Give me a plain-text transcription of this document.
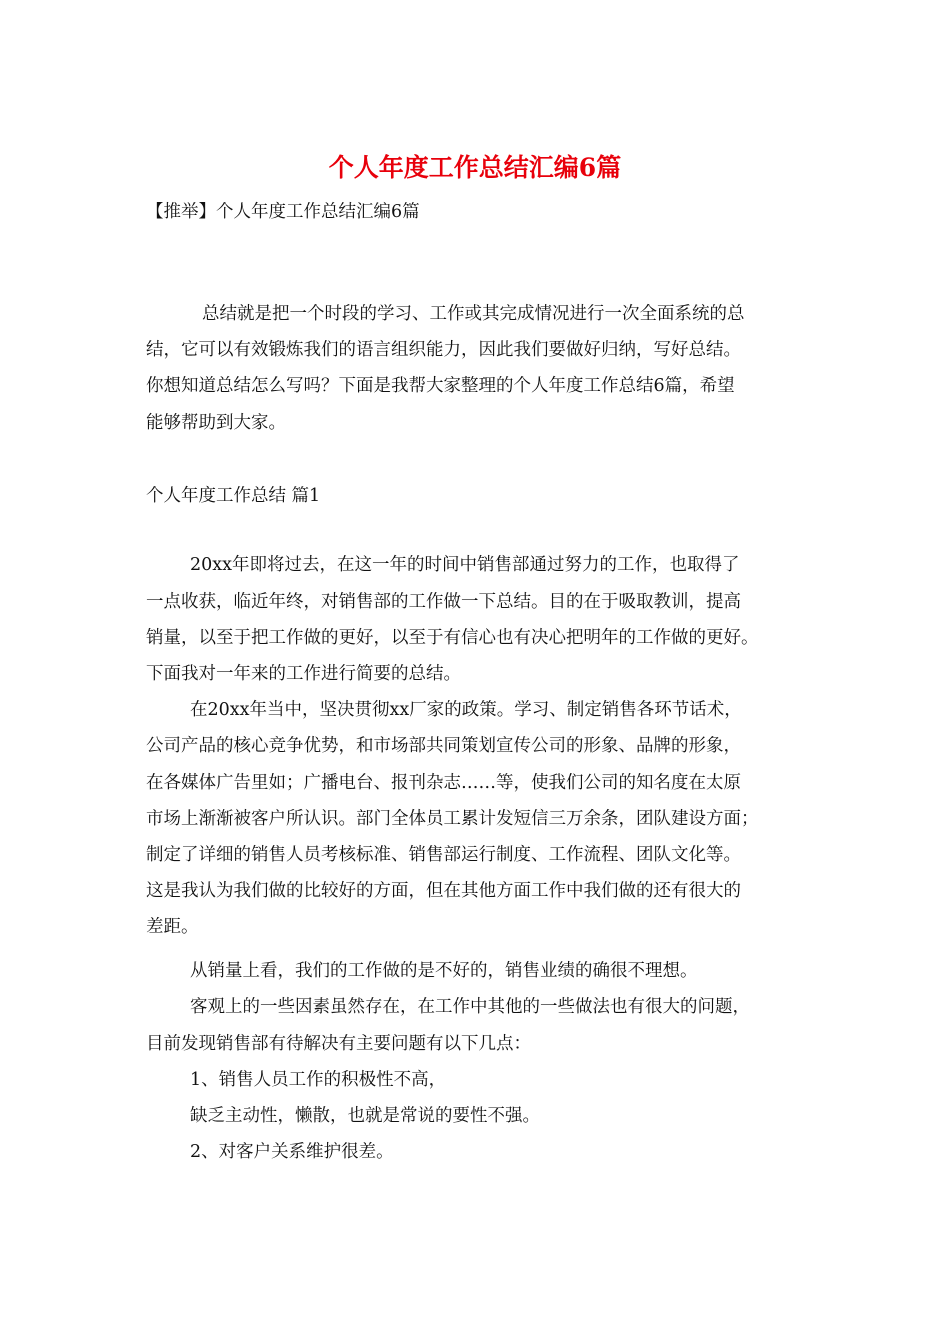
个人年度工作总结汇编6篇

【推举】个人年度工作总结汇编6篇

总结就是把一个时段的学习、工作或其完成情况进行一次全面系统的总

结，它可以有效锻炼我们的语言组织能力，因此我们要做好归纳，写好总结。

你想知道总结怎么写吗？下面是我帮大家整理的个人年度工作总结6篇，希望

能够帮助到大家。

个人年度工作总结 篇1

20xx年即将过去，在这一年的时间中销售部通过努力的工作，也取得了

一点收获，临近年终，对销售部的工作做一下总结。目的在于吸取教训，提高

销量，以至于把工作做的更好，以至于有信心也有决心把明年的工作做的更好。

下面我对一年来的工作进行简要的总结。

在20xx年当中，坚决贯彻xx厂家的政策。学习、制定销售各环节话术，

公司产品的核心竞争优势，和市场部共同策划宣传公司的形象、品牌的形象，

在各媒体广告里如；广播电台、报刊杂志……等，使我们公司的知名度在太原

市场上渐渐被客户所认识。部门全体员工累计发短信三万余条，团队建设方面；

制定了详细的销售人员考核标准、销售部运行制度、工作流程、团队文化等。

这是我认为我们做的比较好的方面，但在其他方面工作中我们做的还有很大的

差距。

从销量上看，我们的工作做的是不好的，销售业绩的确很不理想。

客观上的一些因素虽然存在，在工作中其他的一些做法也有很大的问题，

目前发现销售部有待解决有主要问题有以下几点：

1、销售人员工作的积极性不高，

缺乏主动性，懒散，也就是常说的要性不强。

2、对客户关系维护很差。
